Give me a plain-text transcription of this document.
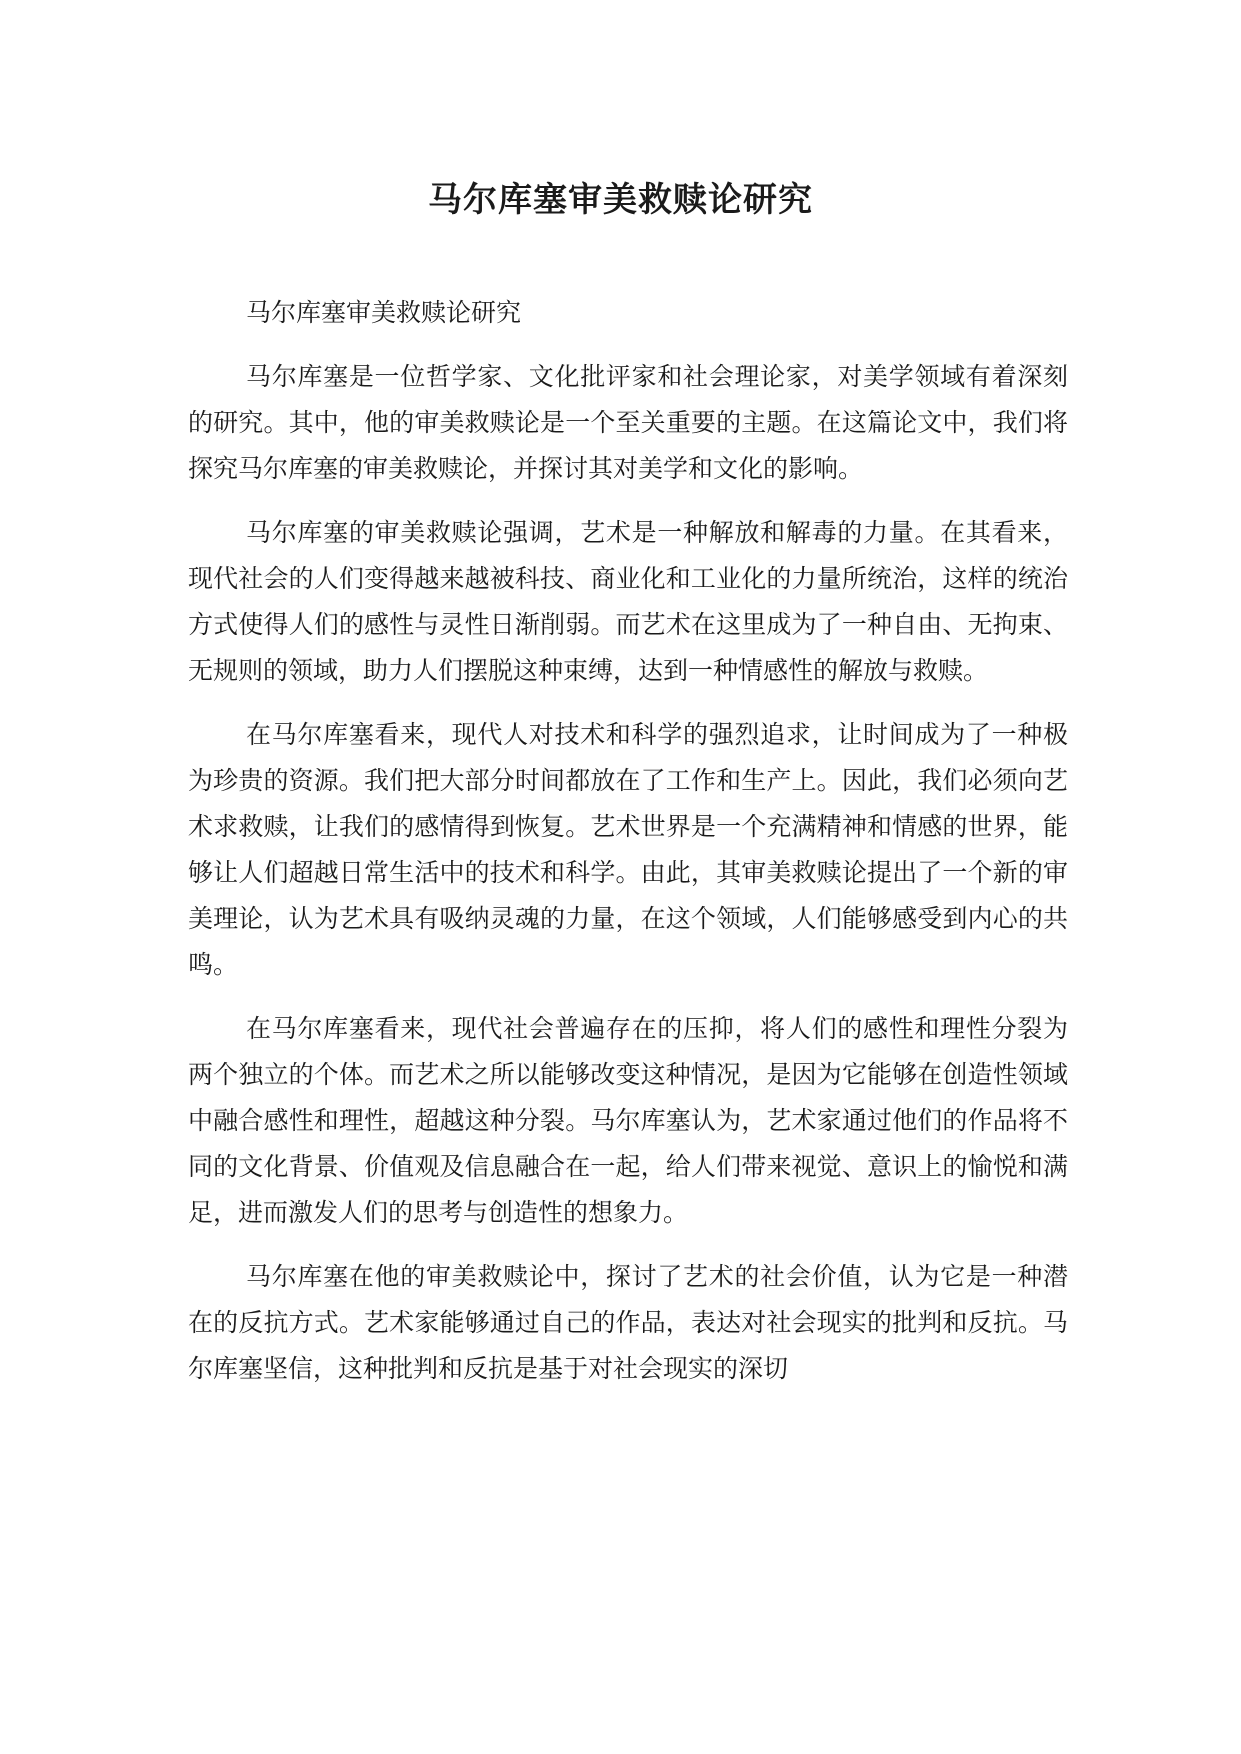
马尔库塞审美救赎论研究

马尔库塞审美救赎论研究

马尔库塞是一位哲学家、文化批评家和社会理论家，对美学领域有着深刻的研究。其中，他的审美救赎论是一个至关重要的主题。在这篇论文中，我们将探究马尔库塞的审美救赎论，并探讨其对美学和文化的影响。

马尔库塞的审美救赎论强调，艺术是一种解放和解毒的力量。在其看来，现代社会的人们变得越来越被科技、商业化和工业化的力量所统治，这样的统治方式使得人们的感性与灵性日渐削弱。而艺术在这里成为了一种自由、无拘束、无规则的领域，助力人们摆脱这种束缚，达到一种情感性的解放与救赎。

在马尔库塞看来，现代人对技术和科学的强烈追求，让时间成为了一种极为珍贵的资源。我们把大部分时间都放在了工作和生产上。因此，我们必须向艺术求救赎，让我们的感情得到恢复。艺术世界是一个充满精神和情感的世界，能够让人们超越日常生活中的技术和科学。由此，其审美救赎论提出了一个新的审美理论，认为艺术具有吸纳灵魂的力量，在这个领域，人们能够感受到内心的共鸣。

在马尔库塞看来，现代社会普遍存在的压抑，将人们的感性和理性分裂为两个独立的个体。而艺术之所以能够改变这种情况，是因为它能够在创造性领域中融合感性和理性，超越这种分裂。马尔库塞认为，艺术家通过他们的作品将不同的文化背景、价值观及信息融合在一起，给人们带来视觉、意识上的愉悦和满足，进而激发人们的思考与创造性的想象力。

马尔库塞在他的审美救赎论中，探讨了艺术的社会价值，认为它是一种潜在的反抗方式。艺术家能够通过自己的作品，表达对社会现实的批判和反抗。马尔库塞坚信，这种批判和反抗是基于对社会现实的深切
